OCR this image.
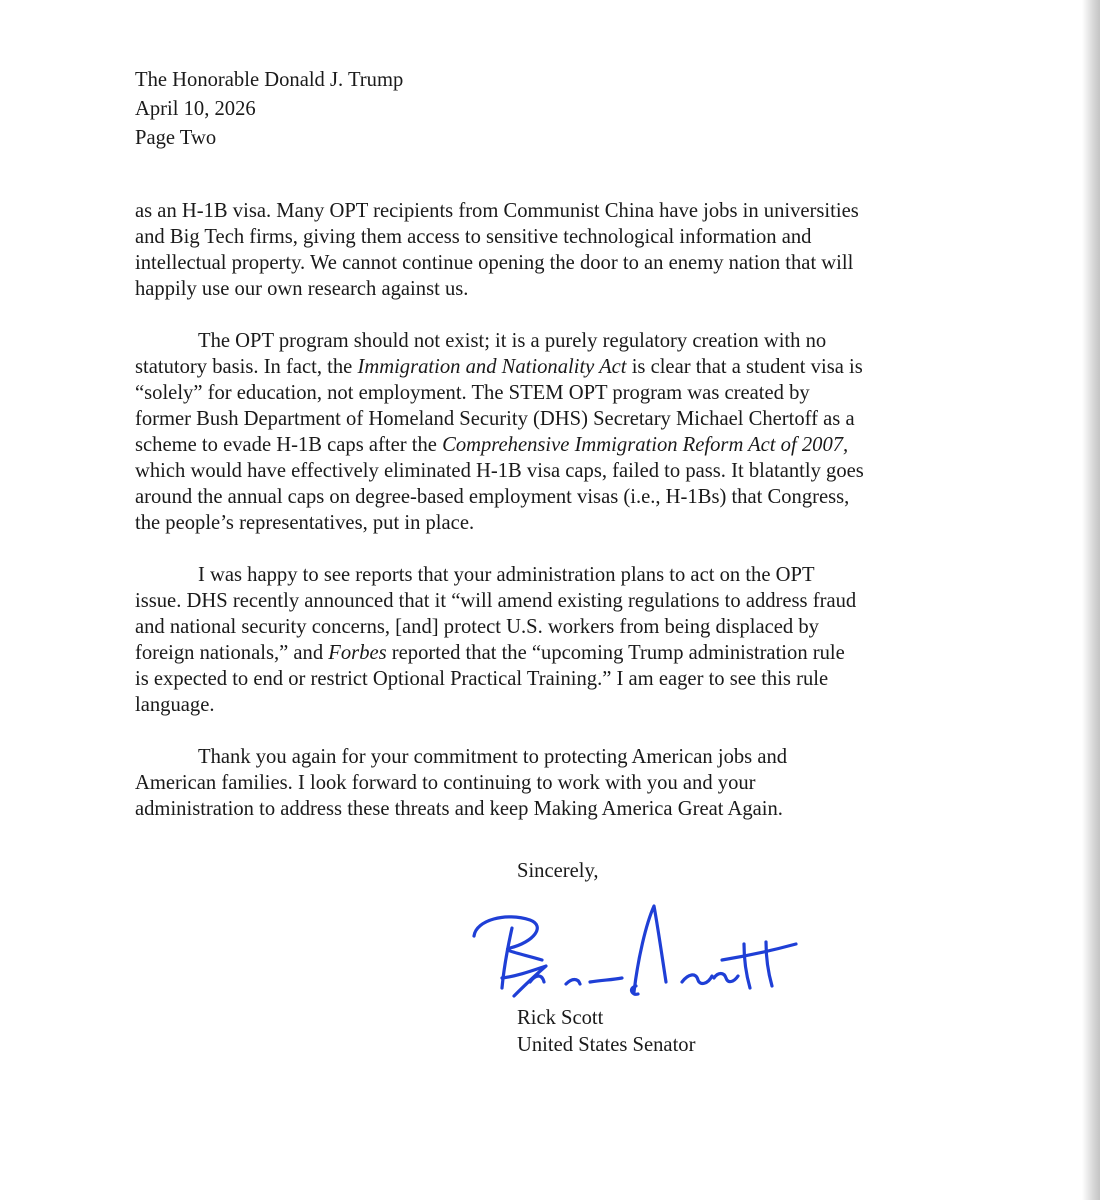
The Honorable Donald J. Trump
April 10, 2026
Page Two
as an H-1B visa. Many OPT recipients from Communist China have jobs in universities
and Big Tech firms, giving them access to sensitive technological information and
intellectual property. We cannot continue opening the door to an enemy nation that will
happily use our own research against us.
The OPT program should not exist; it is a purely regulatory creation with no
statutory basis. In fact, the Immigration and Nationality Act is clear that a student visa is
“solely” for education, not employment. The STEM OPT program was created by
former Bush Department of Homeland Security (DHS) Secretary Michael Chertoff as a
scheme to evade H-1B caps after the Comprehensive Immigration Reform Act of 2007,
which would have effectively eliminated H-1B visa caps, failed to pass. It blatantly goes
around the annual caps on degree-based employment visas (i.e., H-1Bs) that Congress,
the people’s representatives, put in place.
I was happy to see reports that your administration plans to act on the OPT
issue. DHS recently announced that it “will amend existing regulations to address fraud
and national security concerns, [and] protect U.S. workers from being displaced by
foreign nationals,” and Forbes reported that the “upcoming Trump administration rule
is expected to end or restrict Optional Practical Training.” I am eager to see this rule
language.
Thank you again for your commitment to protecting American jobs and
American families. I look forward to continuing to work with you and your
administration to address these threats and keep Making America Great Again.
Sincerely,
Rick Scott
United States Senator
